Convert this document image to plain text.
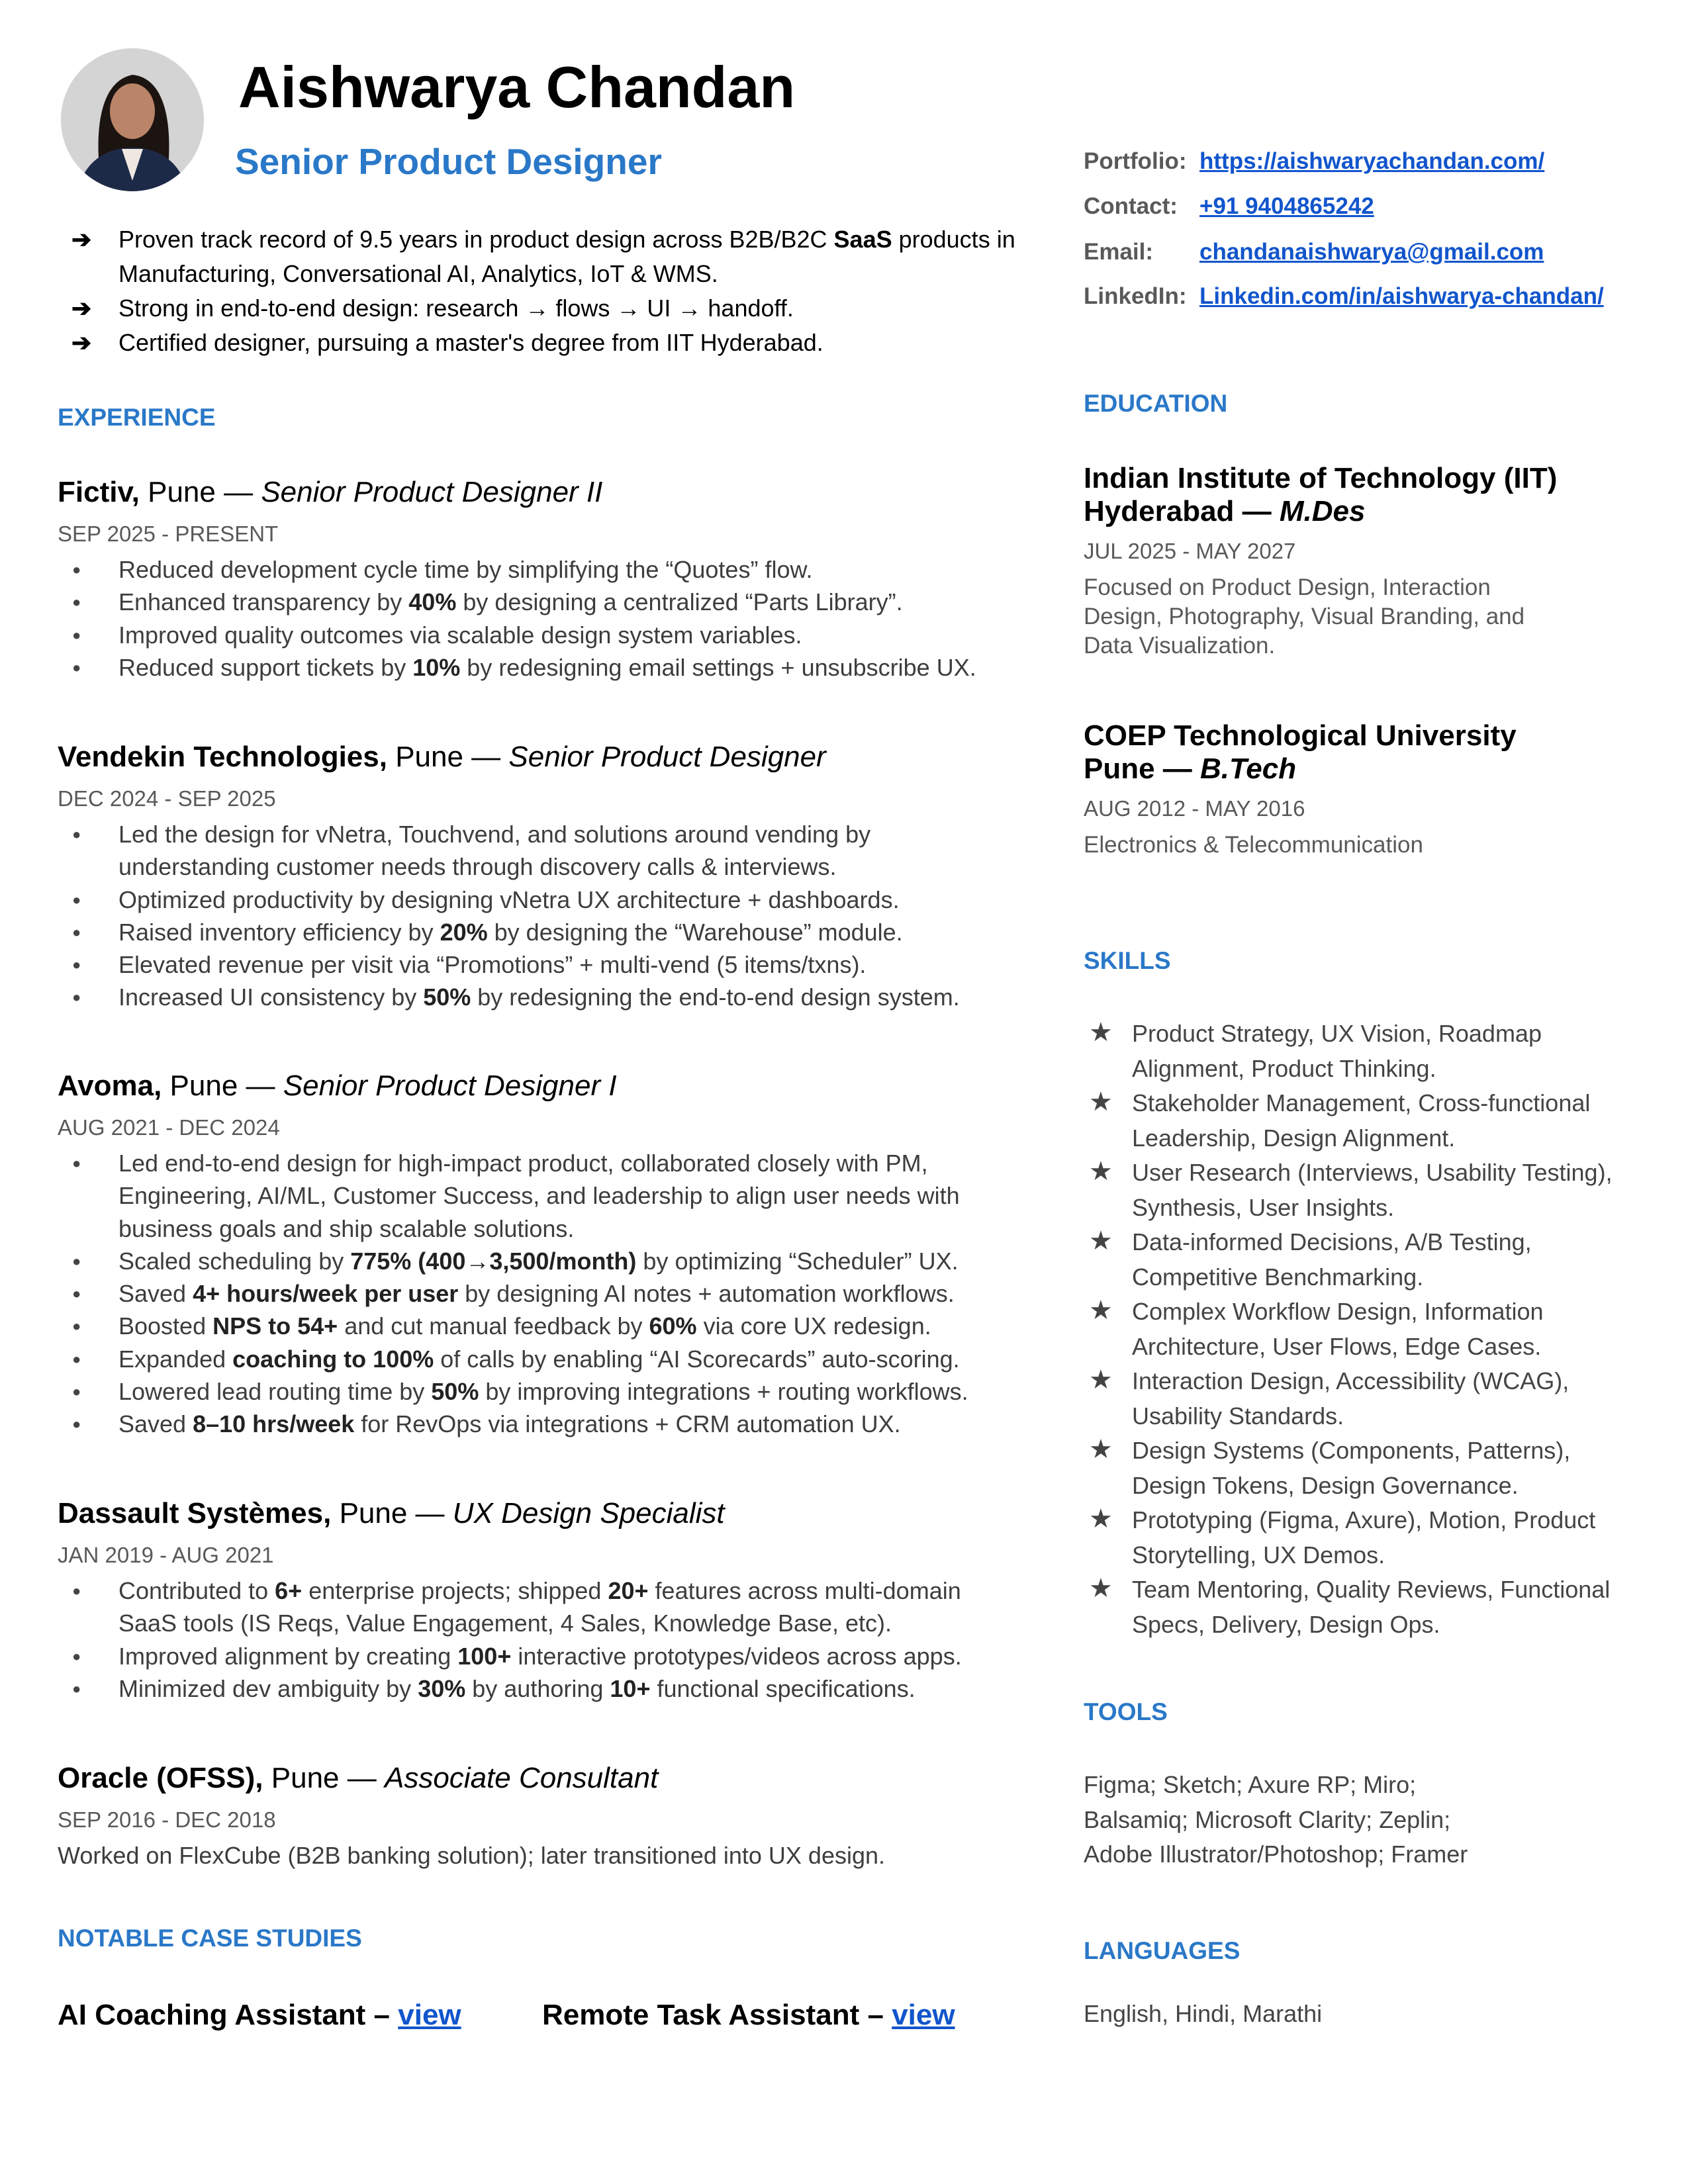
Aishwarya Chandan
Senior Product Designer
➔ Proven track record of 9.5 years in product design across B2B/B2C SaaS products in Manufacturing, Conversational AI, Analytics, IoT & WMS.
➔ Strong in end-to-end design: research → flows → UI → handoff.
➔ Certified designer, pursuing a master's degree from IIT Hyderabad.
Portfolio: https://aishwaryachandan.com/
Contact: +91 9404865242
Email: chandanaishwarya@gmail.com
LinkedIn: Linkedin.com/in/aishwarya-chandan/
EXPERIENCE
Fictiv, Pune — Senior Product Designer II
SEP 2025 - PRESENT
● Reduced development cycle time by simplifying the “Quotes” flow.
● Enhanced transparency by 40% by designing a centralized “Parts Library”.
● Improved quality outcomes via scalable design system variables.
● Reduced support tickets by 10% by redesigning email settings + unsubscribe UX.
Vendekin Technologies, Pune — Senior Product Designer
DEC 2024 - SEP 2025
● Led the design for vNetra, Touchvend, and solutions around vending by understanding customer needs through discovery calls & interviews.
● Optimized productivity by designing vNetra UX architecture + dashboards.
● Raised inventory efficiency by 20% by designing the “Warehouse” module.
● Elevated revenue per visit via “Promotions” + multi-vend (5 items/txns).
● Increased UI consistency by 50% by redesigning the end-to-end design system.
Avoma, Pune — Senior Product Designer I
AUG 2021 - DEC 2024
● Led end-to-end design for high-impact product, collaborated closely with PM, Engineering, AI/ML, Customer Success, and leadership to align user needs with business goals and ship scalable solutions.
● Scaled scheduling by 775% (400→3,500/month) by optimizing “Scheduler” UX.
● Saved 4+ hours/week per user by designing AI notes + automation workflows.
● Boosted NPS to 54+ and cut manual feedback by 60% via core UX redesign.
● Expanded coaching to 100% of calls by enabling “AI Scorecards” auto-scoring.
● Lowered lead routing time by 50% by improving integrations + routing workflows.
● Saved 8–10 hrs/week for RevOps via integrations + CRM automation UX.
Dassault Systèmes, Pune — UX Design Specialist
JAN 2019 - AUG 2021
● Contributed to 6+ enterprise projects; shipped 20+ features across multi-domain SaaS tools (IS Reqs, Value Engagement, 4 Sales, Knowledge Base, etc).
● Improved alignment by creating 100+ interactive prototypes/videos across apps.
● Minimized dev ambiguity by 30% by authoring 10+ functional specifications.
Oracle (OFSS), Pune — Associate Consultant
SEP 2016 - DEC 2018
Worked on FlexCube (B2B banking solution); later transitioned into UX design.
NOTABLE CASE STUDIES
AI Coaching Assistant – view	Remote Task Assistant – view
EDUCATION
Indian Institute of Technology (IIT)
Hyderabad — M.Des
JUL 2025 - MAY 2027
Focused on Product Design, Interaction Design, Photography, Visual Branding, and Data Visualization.
COEP Technological University
Pune — B.Tech
AUG 2012 - MAY 2016
Electronics & Telecommunication
SKILLS
★ Product Strategy, UX Vision, Roadmap Alignment, Product Thinking.
★ Stakeholder Management, Cross-functional Leadership, Design Alignment.
★ User Research (Interviews, Usability Testing), Synthesis, User Insights.
★ Data-informed Decisions, A/B Testing, Competitive Benchmarking.
★ Complex Workflow Design, Information Architecture, User Flows, Edge Cases.
★ Interaction Design, Accessibility (WCAG), Usability Standards.
★ Design Systems (Components, Patterns), Design Tokens, Design Governance.
★ Prototyping (Figma, Axure), Motion, Product Storytelling, UX Demos.
★ Team Mentoring, Quality Reviews, Functional Specs, Delivery, Design Ops.
TOOLS
Figma; Sketch; Axure RP; Miro;
Balsamiq; Microsoft Clarity; Zeplin;
Adobe Illustrator/Photoshop; Framer
LANGUAGES
English, Hindi, Marathi
